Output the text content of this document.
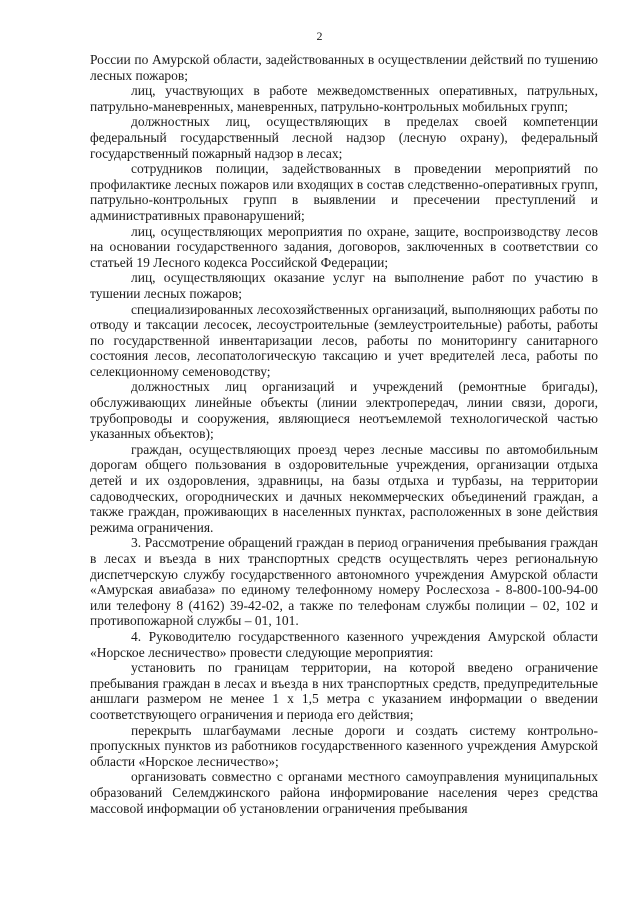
2

России по Амурской области, задействованных в осуществлении действий по тушению лесных пожаров;

лиц, участвующих в работе межведомственных оперативных, патрульных, патрульно-маневренных, маневренных, патрульно-контрольных мобильных групп;

должностных лиц, осуществляющих в пределах своей компетенции федеральный государственный лесной надзор (лесную охрану), федеральный государственный пожарный надзор в лесах;

сотрудников полиции, задействованных в проведении мероприятий по профилактике лесных пожаров или входящих в состав следственно-оперативных групп, патрульно-контрольных групп в выявлении и пресечении преступлений и административных правонарушений;

лиц, осуществляющих мероприятия по охране, защите, воспроизводству лесов на основании государственного задания, договоров, заключенных в соответствии со статьей 19 Лесного кодекса Российской Федерации;

лиц, осуществляющих оказание услуг на выполнение работ по участию в тушении лесных пожаров;

специализированных лесохозяйственных организаций, выполняющих работы по отводу и таксации лесосек, лесоустроительные (землеустроительные) работы, работы по государственной инвентаризации лесов, работы по мониторингу санитарного состояния лесов, лесопатологическую таксацию и учет вредителей леса, работы по селекционному семеноводству;

должностных лиц организаций и учреждений (ремонтные бригады), обслуживающих линейные объекты (линии электропередач, линии связи, дороги, трубопроводы и сооружения, являющиеся неотъемлемой технологической частью указанных объектов);

граждан, осуществляющих проезд через лесные массивы по автомобильным дорогам общего пользования в оздоровительные учреждения, организации отдыха детей и их оздоровления, здравницы, на базы отдыха и турбазы, на территории садоводческих, огороднических и дачных некоммерческих объединений граждан, а также граждан, проживающих в населенных пунктах, расположенных в зоне действия режима ограничения.

3. Рассмотрение обращений граждан в период ограничения пребывания граждан в лесах и въезда в них транспортных средств осуществлять через региональную диспетчерскую службу государственного автономного учреждения Амурской области «Амурская авиабаза» по единому телефонному номеру Рослесхоза - 8-800-100-94-00 или телефону 8 (4162) 39-42-02, а также по телефонам службы полиции – 02, 102 и противопожарной службы – 01, 101.

4. Руководителю государственного казенного учреждения Амурской области «Норское лесничество» провести следующие мероприятия:

установить по границам территории, на которой введено ограничение пребывания граждан в лесах и въезда в них транспортных средств, предупредительные аншлаги размером не менее 1 х 1,5 метра с указанием информации о введении соответствующего ограничения и периода его действия;

перекрыть шлагбаумами лесные дороги и создать систему контрольно-пропускных пунктов из работников государственного казенного учреждения Амурской области «Норское лесничество»;

организовать совместно с органами местного самоуправления муниципальных образований Селемджинского района информирование населения через средства массовой информации об установлении ограничения пребывания
